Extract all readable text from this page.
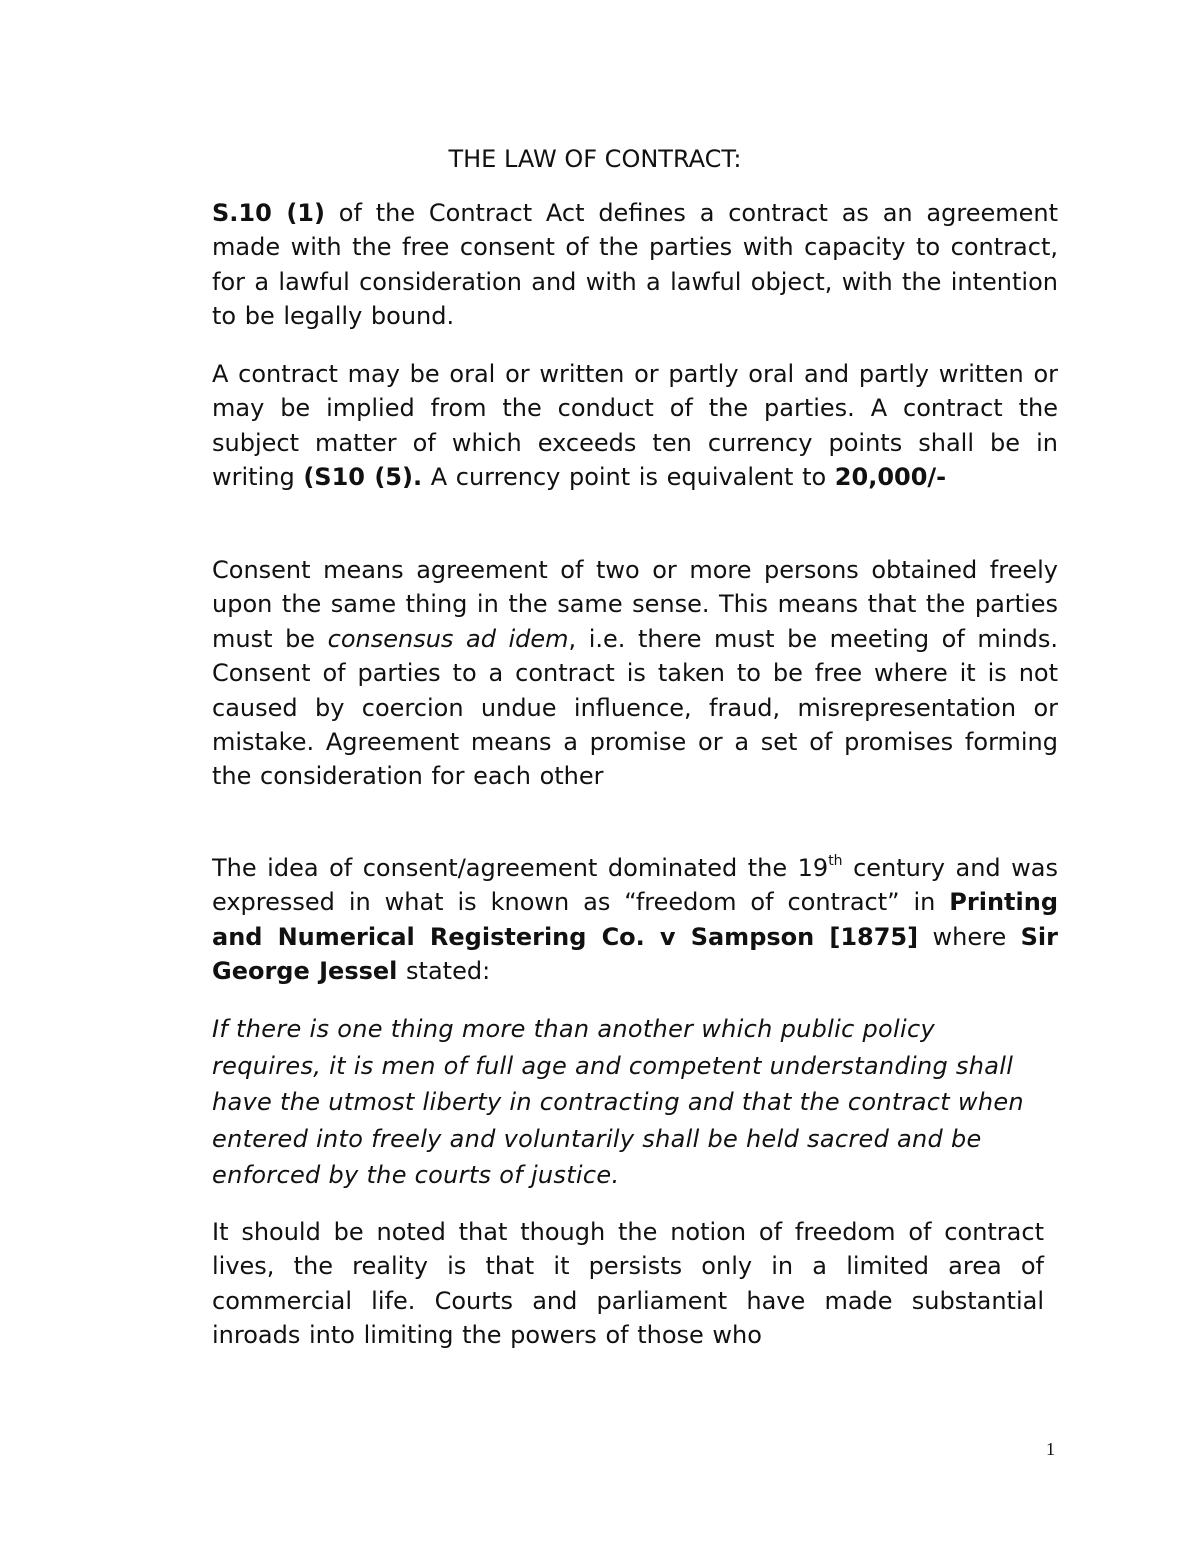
THE LAW OF CONTRACT:

S.10 (1) of the Contract Act defines a contract as an agreement made with the free consent of the parties with capacity to contract, for a lawful consideration and with a lawful object, with the intention to be legally bound.

A contract may be oral or written or partly oral and partly written or may be implied from the conduct of the parties. A contract the subject matter of which exceeds ten currency points shall be in writing (S10 (5). A currency point is equivalent to 20,000/-

Consent means agreement of two or more persons obtained freely upon the same thing in the same sense. This means that the parties must be consensus ad idem, i.e. there must be meeting of minds. Consent of parties to a contract is taken to be free where it is not caused by coercion undue influence, fraud, misrepresentation or mistake. Agreement means a promise or a set of promises forming the consideration for each other

The idea of consent/agreement dominated the 19th century and was expressed in what is known as “freedom of contract” in Printing and Numerical Registering Co. v Sampson [1875] where Sir George Jessel stated:

If there is one thing more than another which public policy requires, it is men of full age and competent understanding shall have the utmost liberty in contracting and that the contract when entered into freely and voluntarily shall be held sacred and be enforced by the courts of justice.

It should be noted that though the notion of freedom of contract lives, the reality is that it persists only in a limited area of commercial life. Courts and parliament have made substantial inroads into limiting the powers of those who

1
